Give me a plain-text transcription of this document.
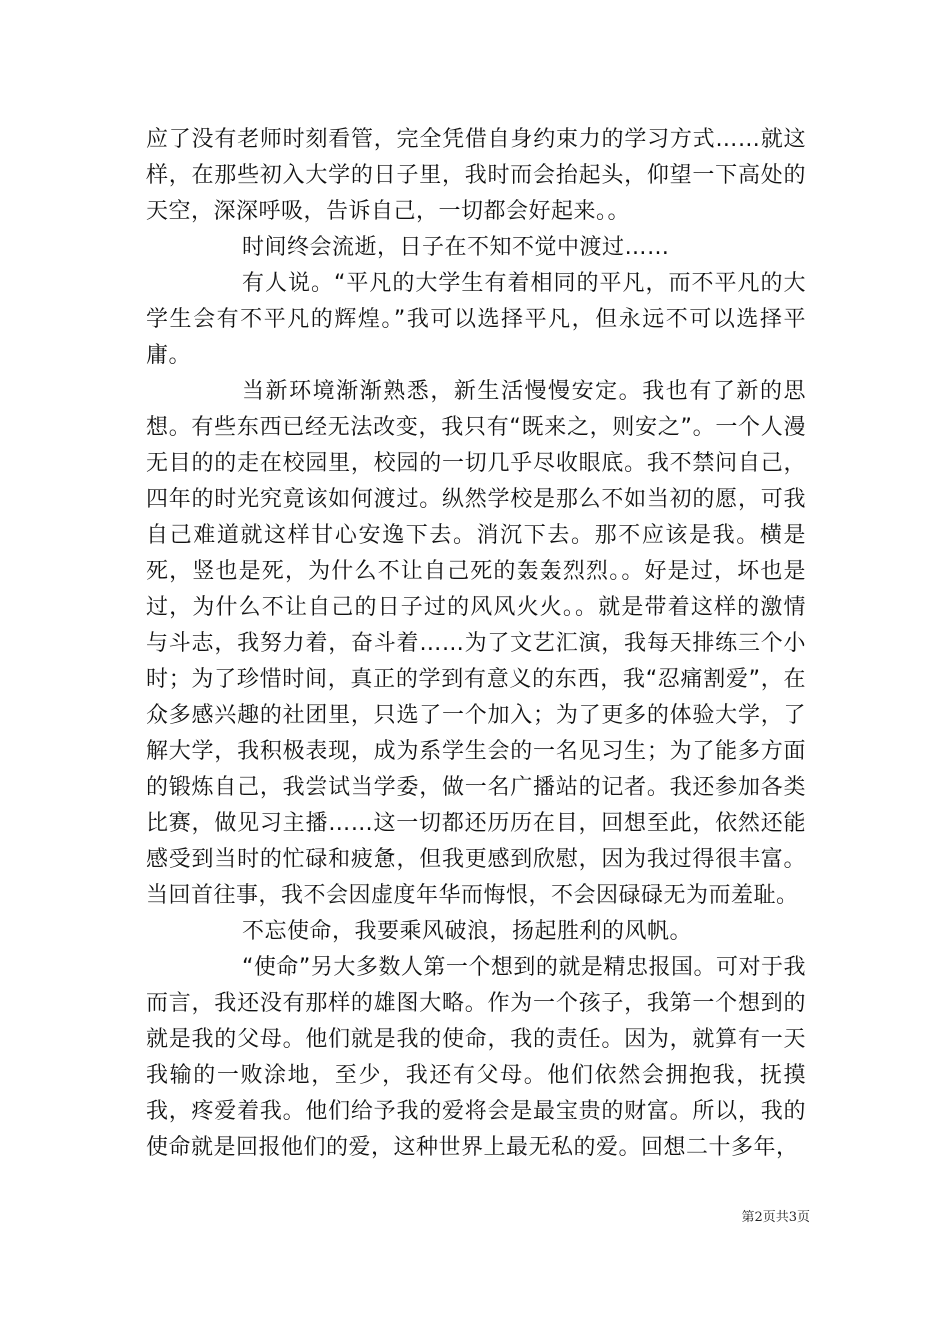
应了没有老师时刻看管，完全凭借自身约束力的学习方式……就这样，在那些初入大学的日子里，我时而会抬起头，仰望一下高处的天空，深深呼吸，告诉自己，一切都会好起来。。

时间终会流逝，日子在不知不觉中渡过……

有人说。“平凡的大学生有着相同的平凡，而不平凡的大学生会有不平凡的辉煌。”我可以选择平凡，但永远不可以选择平庸。

当新环境渐渐熟悉，新生活慢慢安定。我也有了新的思想。有些东西已经无法改变，我只有“既来之，则安之”。一个人漫无目的的走在校园里，校园的一切几乎尽收眼底。我不禁问自己，四年的时光究竟该如何渡过。纵然学校是那么不如当初的愿，可我自己难道就这样甘心安逸下去。消沉下去。那不应该是我。横是死，竖也是死，为什么不让自己死的轰轰烈烈。。好是过，坏也是过，为什么不让自己的日子过的风风火火。。就是带着这样的激情与斗志，我努力着，奋斗着……为了文艺汇演，我每天排练三个小时；为了珍惜时间，真正的学到有意义的东西，我“忍痛割爱”，在众多感兴趣的社团里，只选了一个加入；为了更多的体验大学，了解大学，我积极表现，成为系学生会的一名见习生；为了能多方面的锻炼自己，我尝试当学委，做一名广播站的记者。我还参加各类比赛，做见习主播……这一切都还历历在目，回想至此，依然还能感受到当时的忙碌和疲惫，但我更感到欣慰，因为我过得很丰富。当回首往事，我不会因虚度年华而悔恨，不会因碌碌无为而羞耻。

不忘使命，我要乘风破浪，扬起胜利的风帆。

“使命”另大多数人第一个想到的就是精忠报国。可对于我而言，我还没有那样的雄图大略。作为一个孩子，我第一个想到的就是我的父母。他们就是我的使命，我的责任。因为，就算有一天我输的一败涂地，至少，我还有父母。他们依然会拥抱我，抚摸我，疼爱着我。他们给予我的爱将会是最宝贵的财富。所以，我的使命就是回报他们的爱，这种世界上最无私的爱。回想二十多年，

第2页共3页
